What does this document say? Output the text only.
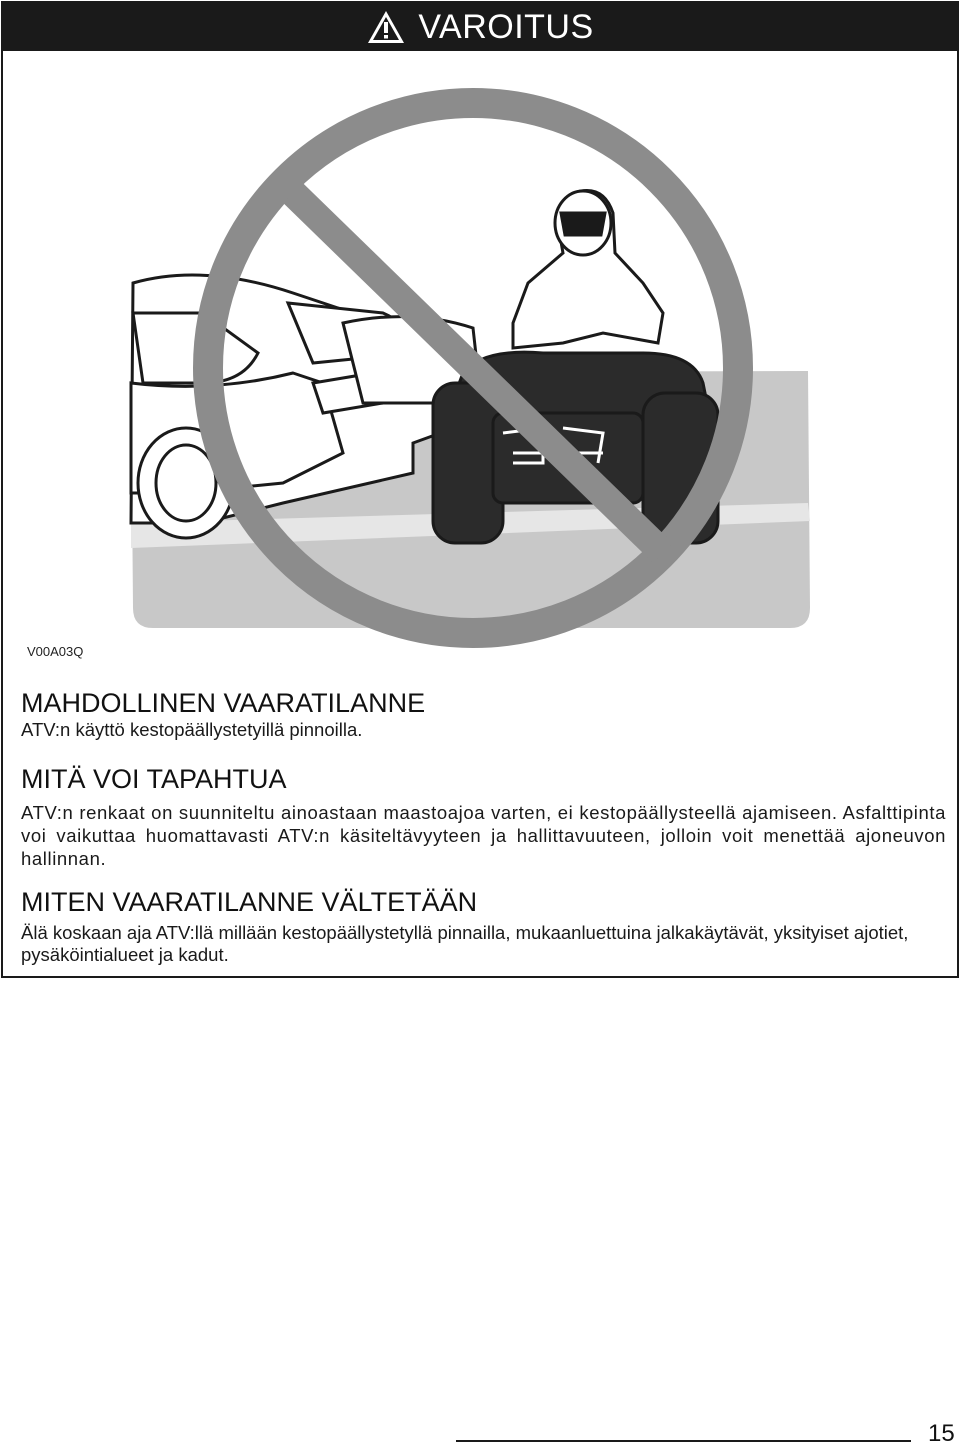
VAROITUS
V00A03Q
MAHDOLLINEN VAARATILANNE

ATV:n käyttö kestopäällystetyillä pinnoilla.

MITÄ VOI TAPAHTUA

ATV:n renkaat on suunniteltu ainoastaan maastoajoa varten, ei kestopäällysteellä ajamiseen. Asfalttipinta voi vaikuttaa huomattavasti ATV:n käsiteltävyyteen ja hallittavuuteen, jolloin voit menettää ajoneuvon hallinnan.

MITEN VAARATILANNE VÄLTETÄÄN

Älä koskaan aja ATV:llä millään kestopäällystetyllä pinnailla, mukaanluettuina jalkakäytävät, yksityiset ajotiet, pysäköintialueet ja kadut.

15
